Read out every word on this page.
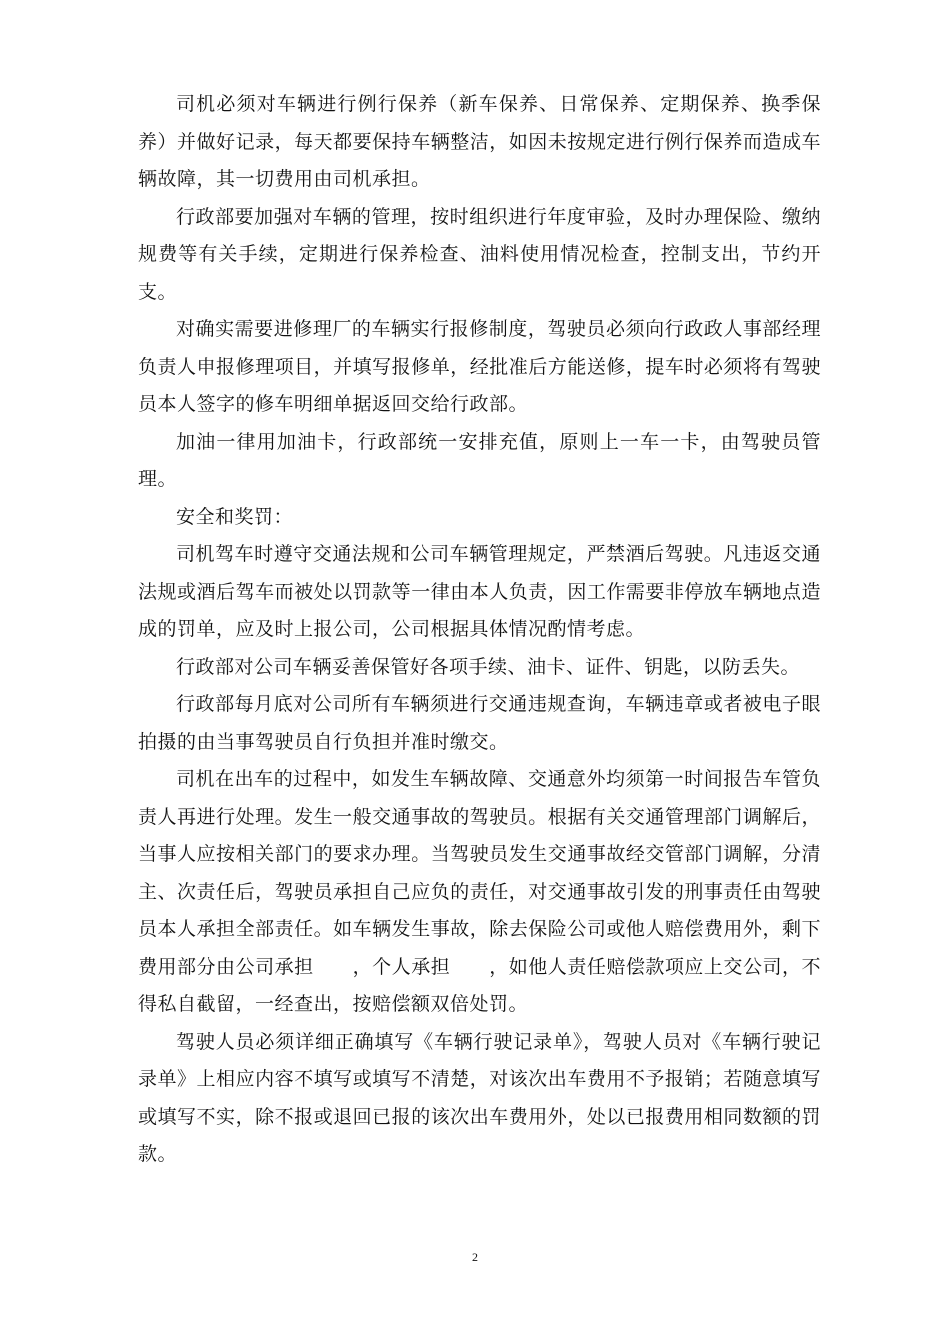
司机必须对车辆进行例行保养（新车保养、日常保养、定期保养、换季保养）并做好记录，每天都要保持车辆整洁，如因未按规定进行例行保养而造成车辆故障，其一切费用由司机承担。

行政部要加强对车辆的管理，按时组织进行年度审验，及时办理保险、缴纳规费等有关手续，定期进行保养检查、油料使用情况检查，控制支出，节约开支。

对确实需要进修理厂的车辆实行报修制度，驾驶员必须向行政政人事部经理负责人申报修理项目，并填写报修单，经批准后方能送修，提车时必须将有驾驶员本人签字的修车明细单据返回交给行政部。

加油一律用加油卡，行政部统一安排充值，原则上一车一卡，由驾驶员管理。

安全和奖罚：

司机驾车时遵守交通法规和公司车辆管理规定，严禁酒后驾驶。凡违返交通法规或酒后驾车而被处以罚款等一律由本人负责，因工作需要非停放车辆地点造成的罚单，应及时上报公司，公司根据具体情况酌情考虑。

行政部对公司车辆妥善保管好各项手续、油卡、证件、钥匙，以防丢失。

行政部每月底对公司所有车辆须进行交通违规查询，车辆违章或者被电子眼拍摄的由当事驾驶员自行负担并准时缴交。

司机在出车的过程中，如发生车辆故障、交通意外均须第一时间报告车管负责人再进行处理。发生一般交通事故的驾驶员。根据有关交通管理部门调解后，当事人应按相关部门的要求办理。当驾驶员发生交通事故经交管部门调解，分清主、次责任后，驾驶员承担自己应负的责任，对交通事故引发的刑事责任由驾驶员本人承担全部责任。如车辆发生事故，除去保险公司或他人赔偿费用外，剩下费用部分由公司承担　　，个人承担　　，如他人责任赔偿款项应上交公司，不得私自截留，一经查出，按赔偿额双倍处罚。

驾驶人员必须详细正确填写《车辆行驶记录单》，驾驶人员对《车辆行驶记录单》上相应内容不填写或填写不清楚，对该次出车费用不予报销；若随意填写或填写不实，除不报或退回已报的该次出车费用外，处以已报费用相同数额的罚款。

2
